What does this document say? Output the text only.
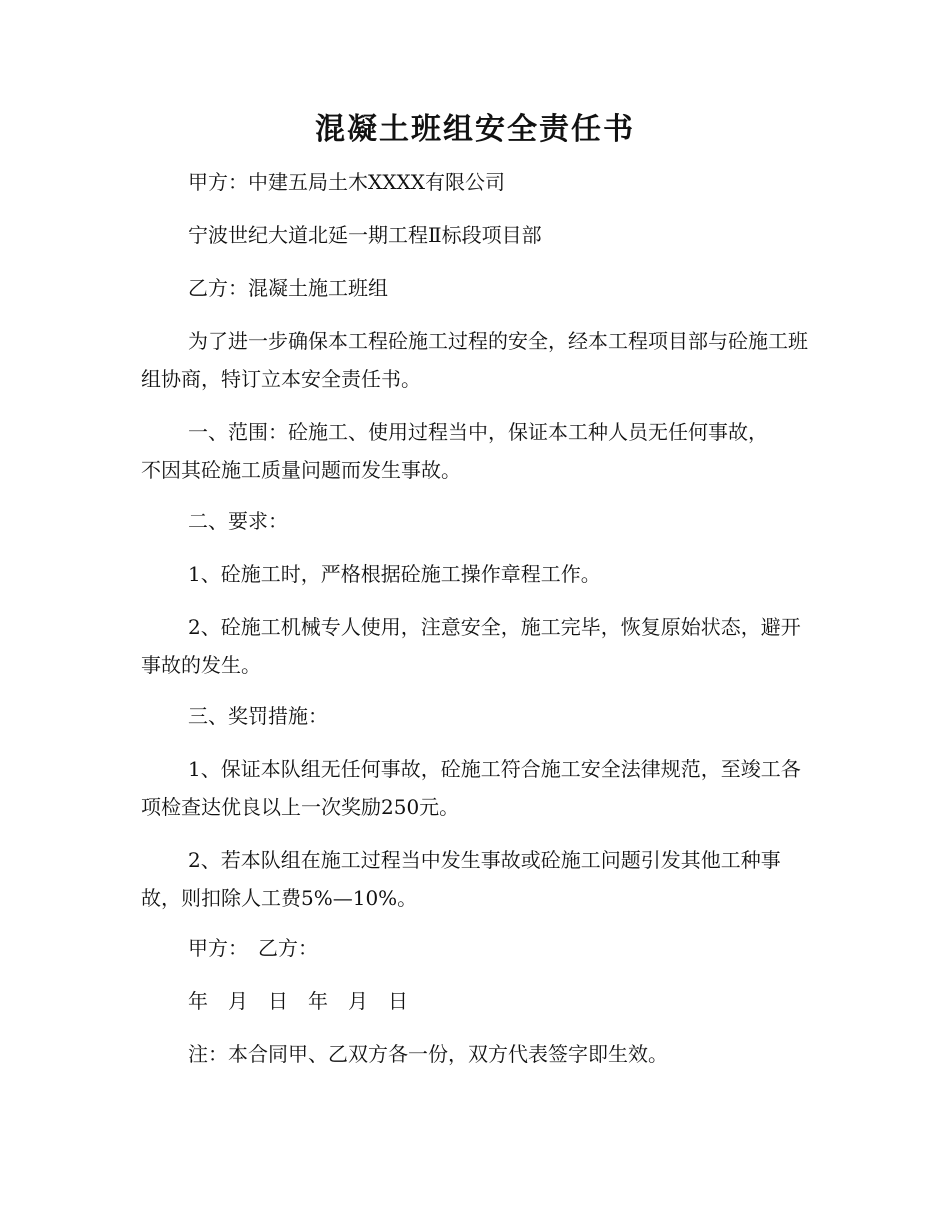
混凝土班组安全责任书
甲方：中建五局土木XXXX有限公司
宁波世纪大道北延一期工程Ⅱ标段项目部
乙方：混凝土施工班组
为了进一步确保本工程砼施工过程的安全，经本工程项目部与砼施工班组协商，特订立本安全责任书。
一、范围：砼施工、使用过程当中，保证本工种人员无任何事故，不因其砼施工质量问题而发生事故。
二、要求：
1、砼施工时，严格根据砼施工操作章程工作。
2、砼施工机械专人使用，注意安全，施工完毕，恢复原始状态，避开事故的发生。
三、奖罚措施：
1、保证本队组无任何事故，砼施工符合施工安全法律规范，至竣工各项检查达优良以上一次奖励250元。
2、若本队组在施工过程当中发生事故或砼施工问题引发其他工种事故，则扣除人工费5%—10%。
甲方：　乙方：
年　月　日　年　月　日
注：本合同甲、乙双方各一份，双方代表签字即生效。
